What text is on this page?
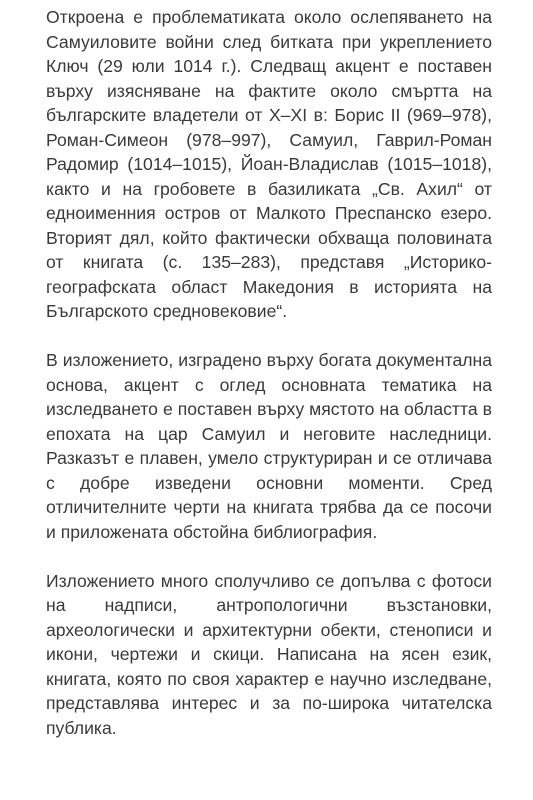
Откроена е проблематиката около ослепяването на Самуиловите войни след битката при укреплението Ключ (29 юли 1014 г.). Следващ акцент е поставен върху изясняване на фактите около смъртта на българските владетели от X–XI в: Борис II (969–978), Роман-Симеон (978–997), Самуил, Гаврил-Роман Радомир (1014–1015), Йоан-Владислав (1015–1018), както и на гробовете в базиликата „Св. Ахил“ от едноименния остров от Малкото Преспанско езеро. Вторият дял, който фактически обхваща половината от книгата (с. 135–283), представя „Историко-географската област Македония в историята на Българското средновековие“.

В изложението, изградено върху богата документална основа, акцент с оглед основната тематика на изследването е поставен върху мястото на областта в епохата на цар Самуил и неговите наследници. Разказът е плавен, умело структуриран и се отличава с добре изведени основни моменти. Сред отличителните черти на книгата трябва да се посочи и приложената обстойна библиография.

Изложението много сполучливо се допълва с фотоси на надписи, антропологични възстановки, археологически и архитектурни обекти, стенописи и икони, чертежи и скици. Написана на ясен език, книгата, която по своя характер е научно изследване, представлява интерес и за по-широка читателска публика.
